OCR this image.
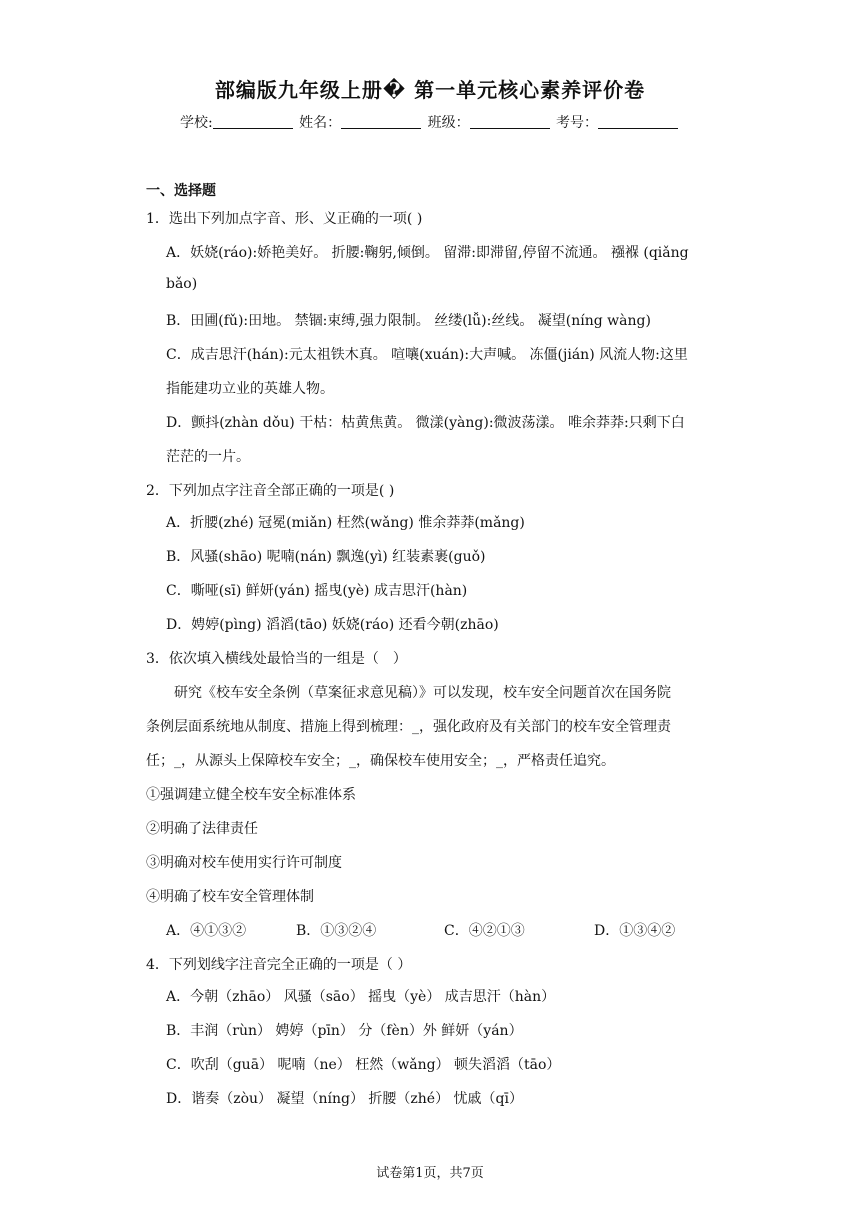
部编版九年级上册� 第一单元核心素养评价卷
学校:	姓名：	班级：	考号：
一、选择题
1．选出下列加点字音、形、义正确的一项( )
A．妖娆(ráo):娇艳美好。 折腰:鞠躬,倾倒。 留滞:即滞留,停留不流通。 襁褓 (qiǎng
bǎo)
B．田圃(fǔ):田地。 禁锢:束缚,强力限制。 丝缕(lǚ):丝线。 凝望(níng wàng)
C．成吉思汗(hán):元太祖铁木真。 喧嚷(xuán):大声喊。 冻僵(jián) 风流人物:这里
指能建功立业的英雄人物。
D．颤抖(zhàn dǒu) 干枯：枯黄焦黄。 微漾(yàng):微波荡漾。 唯余莽莽:只剩下白
茫茫的一片。
2．下列加点字注音全部正确的一项是( )
A．折腰(zhé) 冠冕(miǎn) 枉然(wǎng) 惟余莽莽(mǎng)
B．风骚(shāo) 呢喃(nán) 飘逸(yì) 红装素裹(guǒ)
C．嘶哑(sī) 鲜妍(yán) 摇曳(yè) 成吉思汗(hàn)
D．娉婷(pìng) 滔滔(tāo) 妖娆(ráo) 还看今朝(zhāo)
3．依次填入横线处最恰当的一组是（　）
研究《校车安全条例（草案征求意见稿）》可以发现，校车安全问题首次在国务院
条例层面系统地从制度、措施上得到梳理：_，强化政府及有关部门的校车安全管理责
任；_，从源头上保障校车安全；_，确保校车使用安全；_，严格责任追究。
①强调建立健全校车安全标准体系
②明确了法律责任
③明确对校车使用实行许可制度
④明确了校车安全管理体制
A．④①③②	B．①③②④	C．④②①③	D．①③④②
4．下列划线字注音完全正确的一项是（ ）
A．今朝（zhāo） 风骚（sāo） 摇曳（yè） 成吉思汗（hàn）
B．丰润（rùn） 娉婷（pīn） 分（fèn）外 鲜妍（yán）
C．吹刮（guā） 呢喃（ne） 枉然（wǎng） 顿失滔滔（tāo）
D．谐奏（zòu） 凝望（níng） 折腰（zhé） 忧戚（qī）
试卷第1页，共7页
